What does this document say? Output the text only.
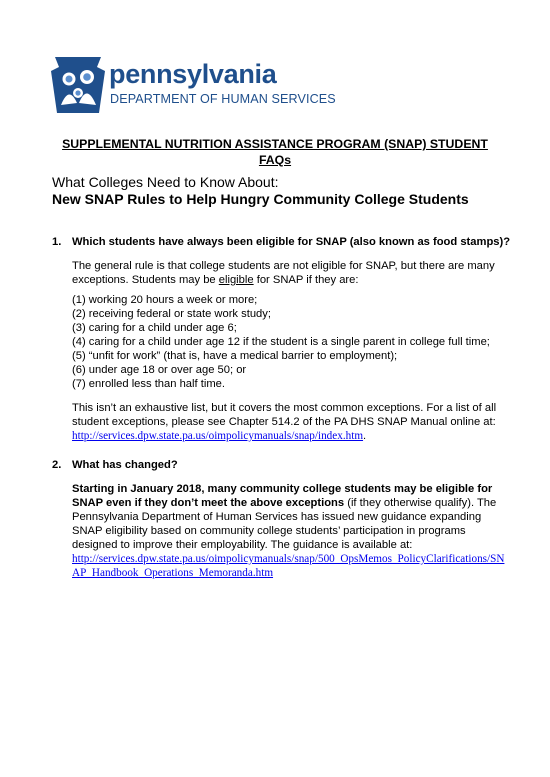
pennsylvania
DEPARTMENT OF HUMAN SERVICES
SUPPLEMENTAL NUTRITION ASSISTANCE PROGRAM (SNAP) STUDENT FAQs
What Colleges Need to Know About:
New SNAP Rules to Help Hungry Community College Students
1. Which students have always been eligible for SNAP (also known as food stamps)?

The general rule is that college students are not eligible for SNAP, but there are many exceptions. Students may be eligible for SNAP if they are:

(1) working 20 hours a week or more;
(2) receiving federal or state work study;
(3) caring for a child under age 6;
(4) caring for a child under age 12 if the student is a single parent in college full time;
(5) “unfit for work” (that is, have a medical barrier to employment);
(6) under age 18 or over age 50; or
(7) enrolled less than half time.

This isn’t an exhaustive list, but it covers the most common exceptions. For a list of all student exceptions, please see Chapter 514.2 of the PA DHS SNAP Manual online at: http://services.dpw.state.pa.us/oimpolicymanuals/snap/index.htm.

2. What has changed?

Starting in January 2018, many community college students may be eligible for SNAP even if they don’t meet the above exceptions (if they otherwise qualify). The Pennsylvania Department of Human Services has issued new guidance expanding SNAP eligibility based on community college students’ participation in programs designed to improve their employability. The guidance is available at:

http://services.dpw.state.pa.us/oimpolicymanuals/snap/500_OpsMemos_PolicyClarifications/SNAP_Handbook_Operations_Memoranda.htm
